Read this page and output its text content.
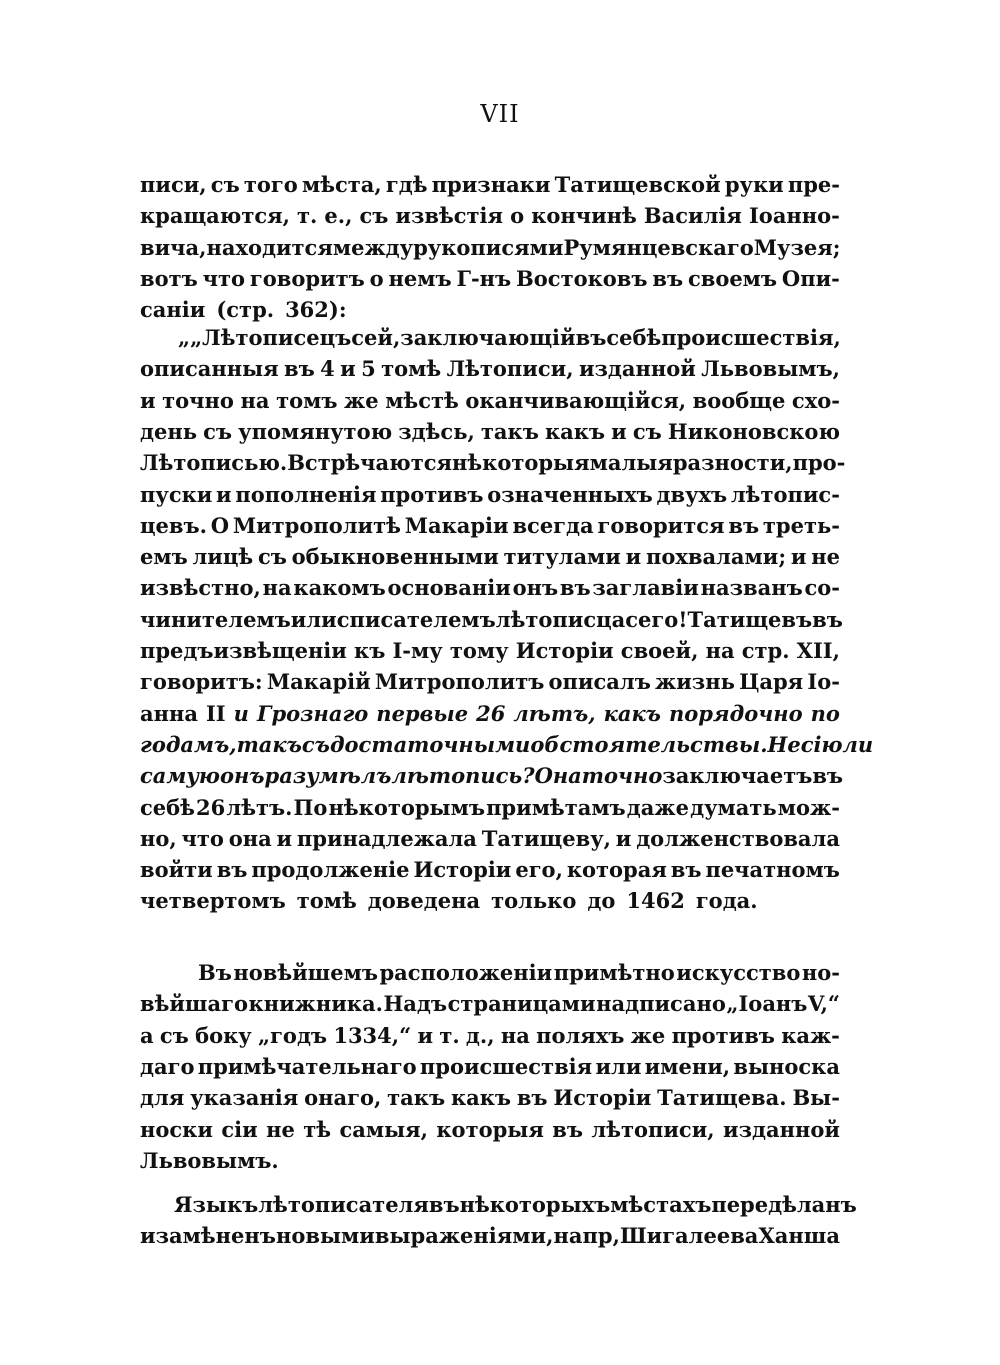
VII
писи, съ того мѣста, гдѣ признаки Татищевской руки пре-
кращаются, т. е., съ извѣстія о кончинѣ Василія Іоанно-
вича, находится между рукописями Румянцевскаго Музея;
вотъ что говоритъ о немъ Г-нъ Востоковъ въ своемъ Опи-
саніи (стр. 362):
„ „Лѣтописецъ сей, заключающій въ себѣ происшествія,
описанныя въ 4 и 5 томѣ Лѣтописи, изданной Львовымъ,
и точно на томъ же мѣстѣ оканчивающійся, вообще схо-
день съ упомянутою здѣсь, такъ какъ и съ Никоновскою
Лѣтописью. Встрѣчаются нѣкоторыя малыя разности, про-
пуски и пополненія противъ означенныхъ двухъ лѣтопис-
цевъ. О Митрополитѣ Макаріи всегда говорится въ треть-
емъ лицѣ съ обыкновенными титулами и похвалами; и не
извѣстно, на какомъ основаніи онъ въ заглавіи названъ со-
чинителемъ или списателемъ лѣтописца сего! Татищевъ въ
предъизвѣщеніи къ I-му тому Исторіи своей, на стр. XII,
говоритъ: Макарій Митрополитъ описалъ жизнь Царя Іо-
анна II и Грознаго первые 26 лѣтъ, какъ порядочно по
годамъ, такъ съ достаточными обстоятельствы. Не сію ли
самую онъ разумѣлъ лѣтопись? Она точно заключаетъ въ
себѣ 26 лѣтъ. По нѣкоторымъ примѣтамъ даже думать мож-
но, что она и принадлежала Татищеву, и долженствовала
войти въ продолженіе Исторіи его, которая въ печатномъ
четвертомъ томѣ доведена только до 1462 года.
Въ новѣйшемъ расположеніи примѣтно искусство но-
вѣйшаго книжника. Надъ страницами надписано „Іоанъ V,“
а съ боку „годъ 1334,“ и т. д., на поляхъ же противъ каж-
даго примѣчательнаго происшествія или имени, выноска
для указанія онаго, такъ какъ въ Исторіи Татищева. Вы-
носки сіи не тѣ самыя, которыя въ лѣтописи, изданной
Львовымъ.
Языкъ лѣтописателя въ нѣкоторыхъ мѣстахъ передѣланъ
и замѣненъ новыми выраженіями, на пр, Шигалеева Ханша
